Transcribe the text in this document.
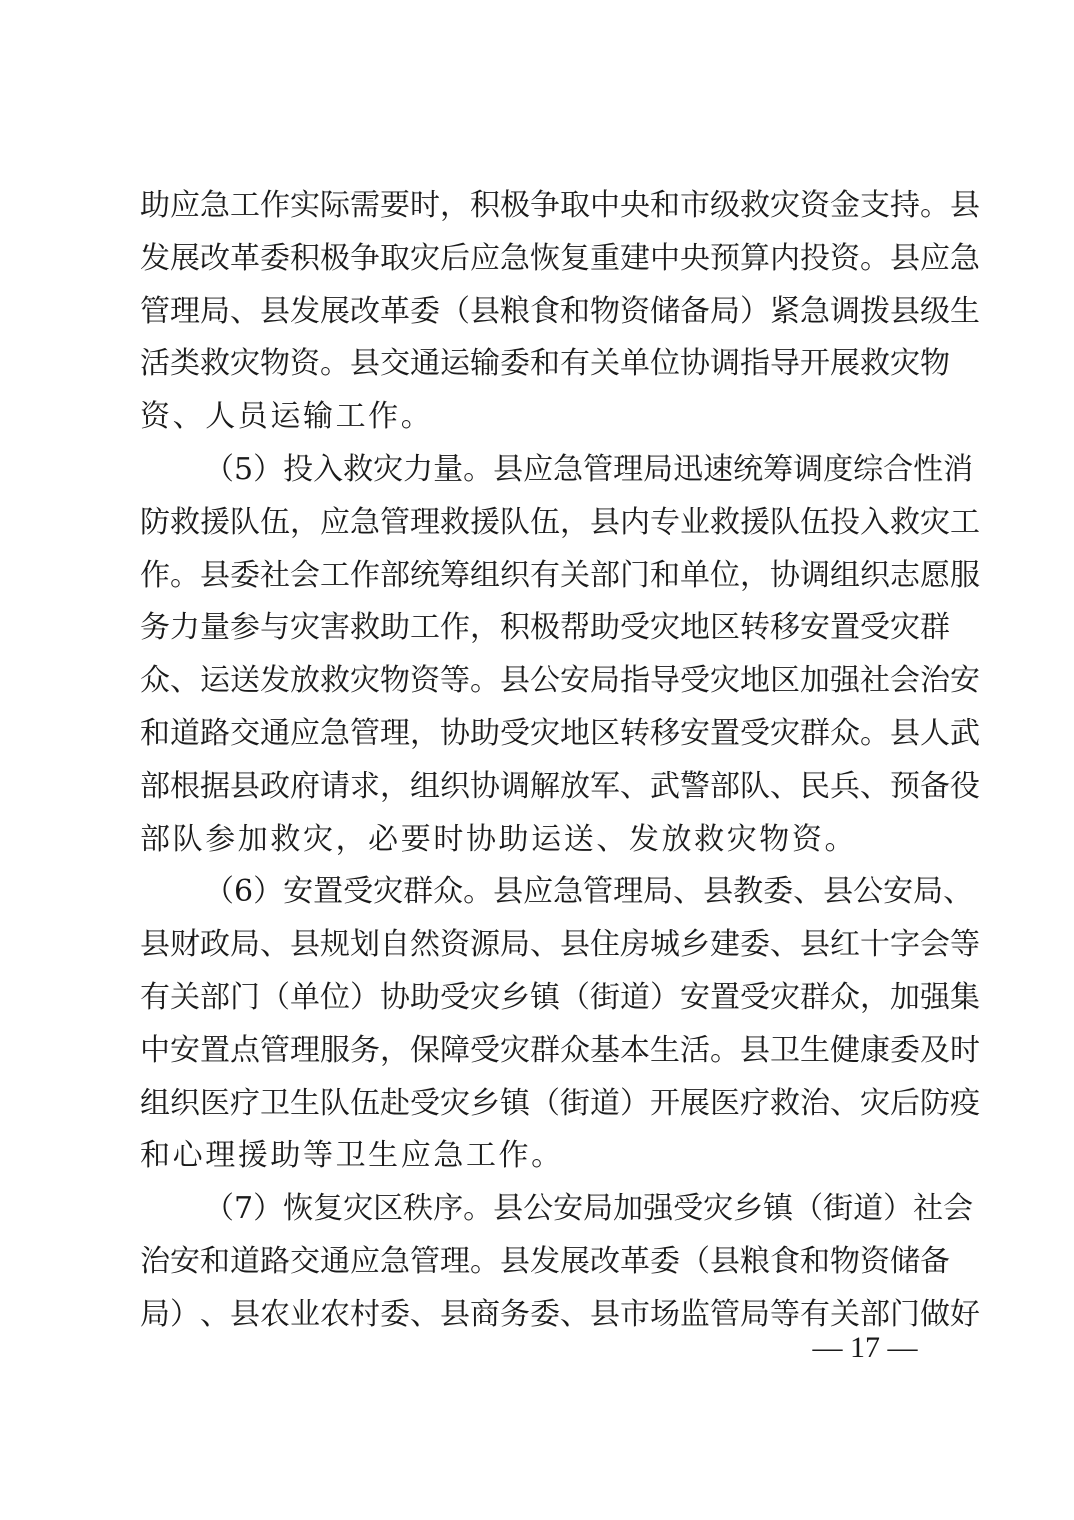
助 应 急 工 作 实 际 需 要 时 ， 积 极 争 取 中 央 和 市 级 救 灾 资 金 支 持 。 县
发 展 改 革 委 积 极 争 取 灾 后 应 急 恢 复 重 建 中 央 预 算 内 投 资 。 县 应 急
管 理 局 、 县 发 展 改 革 委 （ 县 粮 食 和 物 资 储 备 局 ） 紧 急 调 拨 县 级 生
活 类 救 灾 物 资 。 县 交 通 运 输 委 和 有 关 单 位 协 调 指 导 开 展 救 灾 物
资 、 人 员 运 输 工 作 。
（ 5 ） 投 入 救 灾 力 量 。 县 应 急 管 理 局 迅 速 统 筹 调 度 综 合 性 消
防 救 援 队 伍 ， 应 急 管 理 救 援 队 伍 ， 县 内 专 业 救 援 队 伍 投 入 救 灾 工
作 。 县 委 社 会 工 作 部 统 筹 组 织 有 关 部 门 和 单 位 ， 协 调 组 织 志 愿 服
务 力 量 参 与 灾 害 救 助 工 作 ， 积 极 帮 助 受 灾 地 区 转 移 安 置 受 灾 群
众 、 运 送 发 放 救 灾 物 资 等 。 县 公 安 局 指 导 受 灾 地 区 加 强 社 会 治 安
和 道 路 交 通 应 急 管 理 ， 协 助 受 灾 地 区 转 移 安 置 受 灾 群 众 。 县 人 武
部 根 据 县 政 府 请 求 ， 组 织 协 调 解 放 军 、 武 警 部 队 、 民 兵 、 预 备 役
部 队 参 加 救 灾 ， 必 要 时 协 助 运 送 、 发 放 救 灾 物 资 。
（ 6 ） 安 置 受 灾 群 众 。 县 应 急 管 理 局 、 县 教 委 、 县 公 安 局 、
县 财 政 局 、 县 规 划 自 然 资 源 局 、 县 住 房 城 乡 建 委 、 县 红 十 字 会 等
有 关 部 门 （ 单 位 ） 协 助 受 灾 乡 镇 （ 街 道 ） 安 置 受 灾 群 众 ， 加 强 集
中 安 置 点 管 理 服 务 ， 保 障 受 灾 群 众 基 本 生 活 。 县 卫 生 健 康 委 及 时
组 织 医 疗 卫 生 队 伍 赴 受 灾 乡 镇 （ 街 道 ） 开 展 医 疗 救 治 、 灾 后 防 疫
和 心 理 援 助 等 卫 生 应 急 工 作 。
（ 7 ） 恢 复 灾 区 秩 序 。 县 公 安 局 加 强 受 灾 乡 镇 （ 街 道 ） 社 会
治 安 和 道 路 交 通 应 急 管 理 。 县 发 展 改 革 委 （ 县 粮 食 和 物 资 储 备
局 ） 、 县 农 业 农 村 委 、 县 商 务 委 、 县 市 场 监 管 局 等 有 关 部 门 做 好
— 17 —
